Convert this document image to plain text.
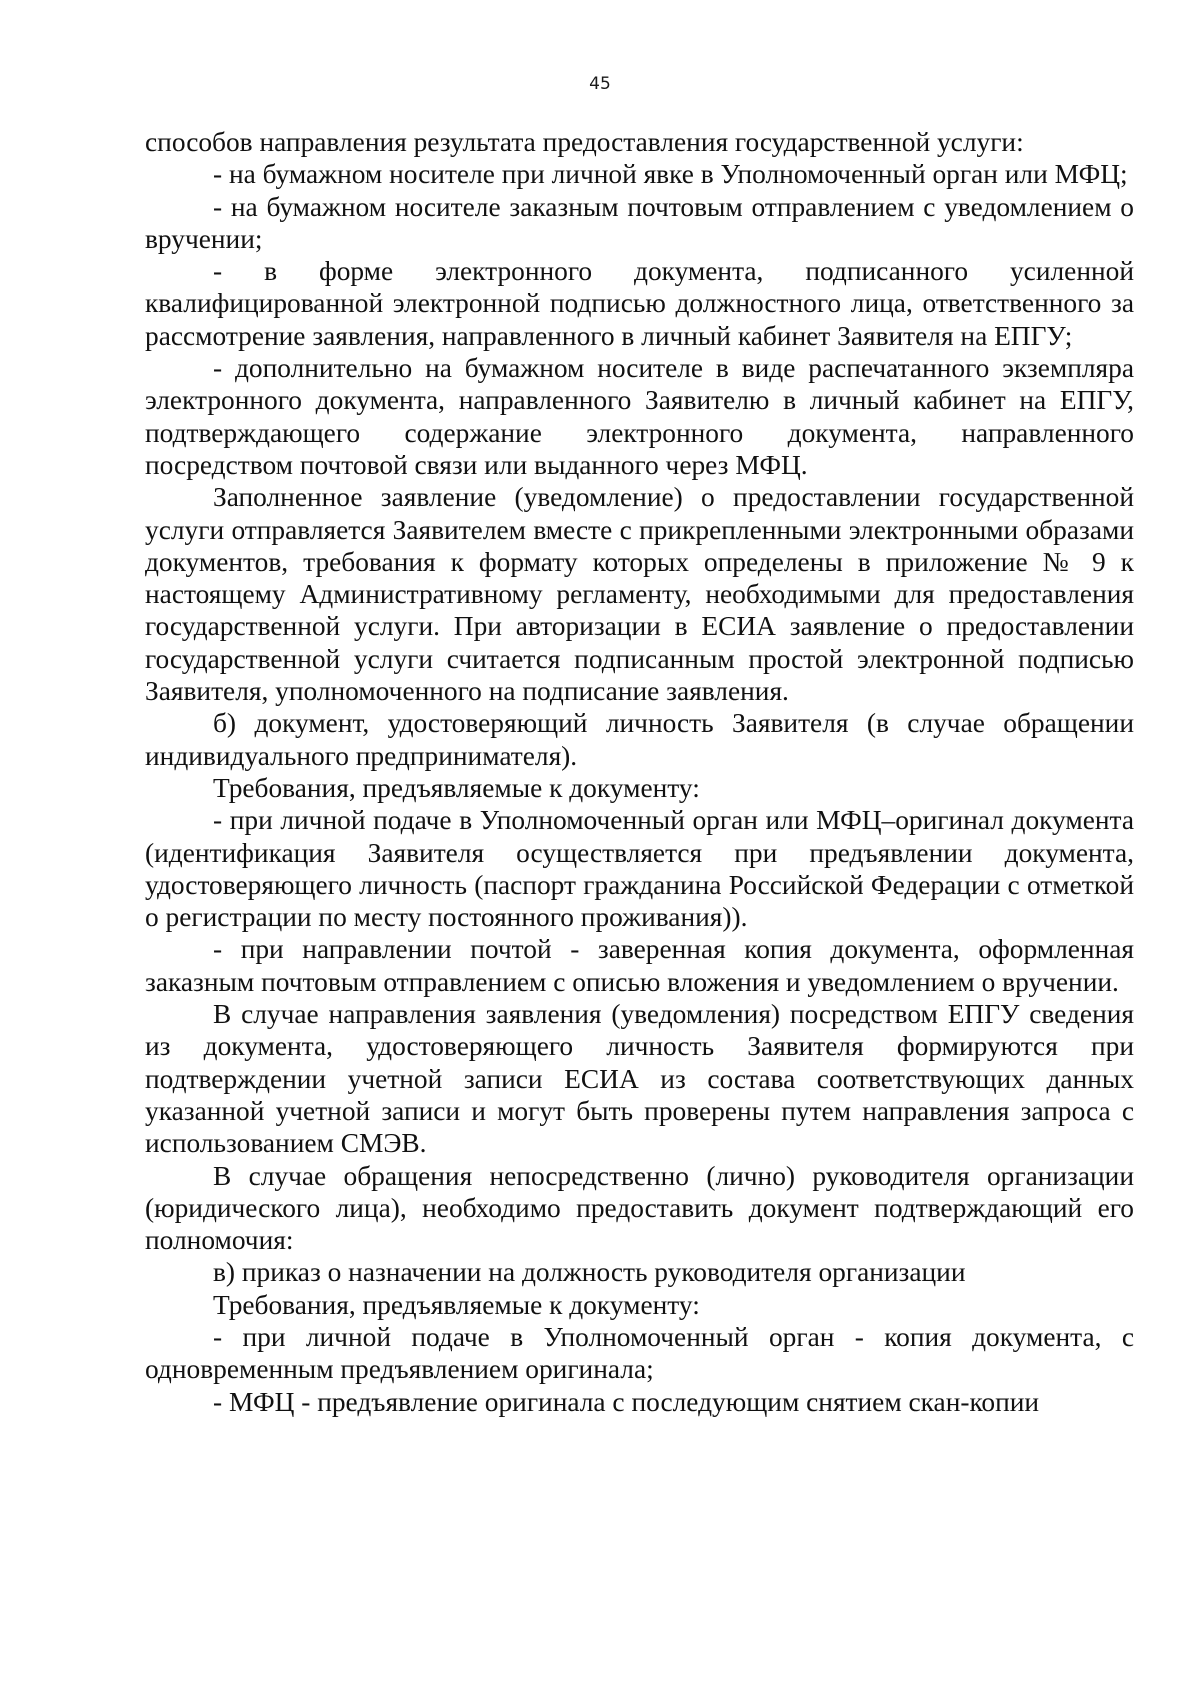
45

способов направления результата предоставления государственной услуги:

- на бумажном носителе при личной явке в Уполномоченный орган или МФЦ;

- на бумажном носителе заказным почтовым отправлением с уведомлением о вручении;

- в форме электронного документа, подписанного усиленной квалифицированной электронной подписью должностного лица, ответственного за рассмотрение заявления, направленного в личный кабинет Заявителя на ЕПГУ;

- дополнительно на бумажном носителе в виде распечатанного экземпляра электронного документа, направленного Заявителю в личный кабинет на ЕПГУ, подтверждающего содержание электронного документа, направленного посредством почтовой связи или выданного через МФЦ.

Заполненное заявление (уведомление) о предоставлении государственной услуги отправляется Заявителем вместе с прикрепленными электронными образами документов, требования к формату которых определены в приложение № 9 к настоящему Административному регламенту, необходимыми для предоставления государственной услуги. При авторизации в ЕСИА заявление о предоставлении государственной услуги считается подписанным простой электронной подписью Заявителя, уполномоченного на подписание заявления.

б) документ, удостоверяющий личность Заявителя (в случае обращении индивидуального предпринимателя).

Требования, предъявляемые к документу:

- при личной подаче в Уполномоченный орган или МФЦ–оригинал документа (идентификация Заявителя осуществляется при предъявлении документа, удостоверяющего личность (паспорт гражданина Российской Федерации с отметкой о регистрации по месту постоянного проживания)).

- при направлении почтой - заверенная копия документа, оформленная заказным почтовым отправлением с описью вложения и уведомлением о вручении.

В случае направления заявления (уведомления) посредством ЕПГУ сведения из документа, удостоверяющего личность Заявителя формируются при подтверждении учетной записи ЕСИА из состава соответствующих данных указанной учетной записи и могут быть проверены путем направления запроса с использованием СМЭВ.

В случае обращения непосредственно (лично) руководителя организации (юридического лица), необходимо предоставить документ подтверждающий его полномочия:

в) приказ о назначении на должность руководителя организации

Требования, предъявляемые к документу:

- при личной подаче в Уполномоченный орган - копия документа, с одновременным предъявлением оригинала;

- МФЦ - предъявление оригинала с последующим снятием скан-копии
